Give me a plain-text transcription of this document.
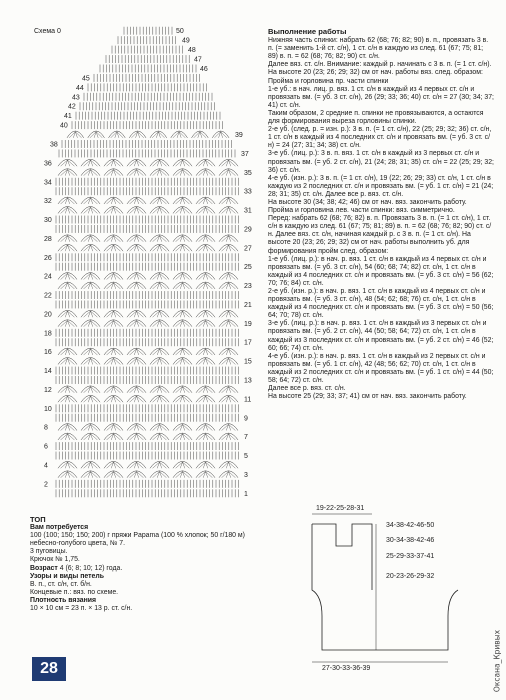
Схема 0	50
49
48
47
46
39
37
35
33
31
29
27
25
23
21
19
17
15
13
11
9
7
5
3
1
45
44
43
42
41
40
38
36
34
32
30
28
26
24
22
20
18
16
14
12
10
8
6
4
2
Выполнение работы

Нижняя часть спинки: набрать 62 (68; 76; 82; 90) в. п., провязать 3 в. п. (= заменить 1-й ст. с/н), 1 ст. с/н в каждую из след. 61 (67; 75; 81; 89) в. п. = 62 (68; 76; 82; 90) ст. с/н.

Далее вяз. ст. с/н. Внимание: каждый р. начинать с 3 в. п. (= 1 ст. с/н). На высоте 20 (23; 26; 29; 32) см от нач. работы вяз. след. образом:

Пройма и горловина пр. части спинки

1-е уб.: в нач. лиц. р. вяз. 1 ст. с/н в каждый из 4 первых ст. с/н и провязать вм. (= уб. 3 ст. с/н), 26 (29; 33; 36; 40) ст. с/н = 27 (30; 34; 37; 41) ст. с/н.

Таким образом, 2 средние п. спинки не провязываются, а остаются для формирования выреза горловины спинки.

2-е уб. (след. р. = изн. р.): 3 в. п. (= 1 ст. с/н), 22 (25; 29; 32; 36) ст. с/н, 1 ст. с/н в каждый из 4 последних ст. с/н и провязать вм. (= уб. 3 ст. с/н) = 24 (27; 31; 34; 38) ст. с/н.

3-е уб. (лиц. р.): 3 в. п. вяз. 1 ст. с/н в каждый из 3 первых ст. с/н и провязать вм. (= уб. 2 ст. с/н), 21 (24; 28; 31; 35) ст. с/н = 22 (25; 29; 32; 36) ст. с/н.

4-е уб. (изн. р.): 3 в. п. (= 1 ст. с/н), 19 (22; 26; 29; 33) ст. с/н, 1 ст. с/н в каждую из 2 последних ст. с/н и провязать вм. (= уб. 1 ст. с/н) = 21 (24; 28; 31; 35) ст. с/н. Далее все р. вяз. ст. с/н.

На высоте 30 (34; 38; 42; 46) см от нач. вяз. закончить работу.

Пройма и горловина лев. части спинки: вяз. симметрично.

Перед: набрать 62 (68; 76; 82) в. п. Провязать 3 в. п. (= 1 ст. с/н), 1 ст. с/н в каждую из след. 61 (67; 75; 81; 89) в. п. = 62 (68; 76; 82; 90) ст. с/н. Далее вяз. ст. с/н, начиная каждый р. с 3 в. п. (= 1 ст. с/н). На высоте 20 (23; 26; 29; 32) см от нач. работы выполнить уб. для формирования пройм след. образом:

1-е уб. (лиц. р.): в нач. р. вяз. 1 ст. с/н в каждый из 4 первых ст. с/н и провязать вм. (= уб. 3 ст. с/н), 54 (60; 68; 74; 82) ст. с/н, 1 ст. с/н в каждый из 4 последних ст. с/н и провязать вм. (= уб. 3 ст. с/н) = 56 (62; 70; 76; 84) ст. с/н.

2-е уб. (изн. р.): в нач. р. вяз. 1 ст. с/н в каждый из 4 первых ст. с/н и провязать вм. (= уб. 3 ст. с/н), 48 (54; 62; 68; 76) ст. с/н, 1 ст. с/н в каждый из 4 последних ст. с/н и провязать вм. (= уб. 3 ст. с/н) = 50 (56; 64; 70; 78) ст. с/н.

3-е уб. (лиц. р.): в нач. р. вяз. 1 ст. с/н в каждый из 3 первых ст. с/н и провязать вм. (= уб. 2 ст. с/н), 44 (50; 58; 64; 72) ст. с/н, 1 ст. с/н в каждый из 3 последних ст. с/н и провязать вм. (= уб. 2 ст. с/н) = 46 (52; 60; 66; 74) ст. с/н.

4-е уб. (изн. р.): в нач. р. вяз. 1 ст. с/н в каждый из 2 первых ст. с/н и провязать вм. (= уб. 1 ст. с/н), 42 (48; 56; 62; 70) ст. с/н, 1 ст. с/н в каждый из 2 последних ст. с/н и провязать вм. (= уб. 1 ст. с/н) = 44 (50; 58; 64; 72) ст. с/н.

Далее все р. вяз. ст. с/н.

На высоте 25 (29; 33; 37; 41) см от нач. вяз. закончить работу.

ТОП

Вам потребуется

100 (100; 150; 150; 200) г пряжи Papama (100 % хлопок; 50 г/180 м) небесно-голубого цвета, № 7.

3 пуговицы.

Крючок № 1,75.

Возраст 4 (6; 8; 10; 12) года.

Узоры и виды петель

В. п., ст. с/н, ст. б/н.

Концевые п.: вяз. по схеме.

Плотность вязания

10 × 10 см = 23 п. × 13 р. ст. с/н.

19-22-25-28-31
34-38-42-46-50
30-34-38-42-46
25-29-33-37-41
20-23-26-29-32
27-30-33-36-39
28	Оксана_Кривых
